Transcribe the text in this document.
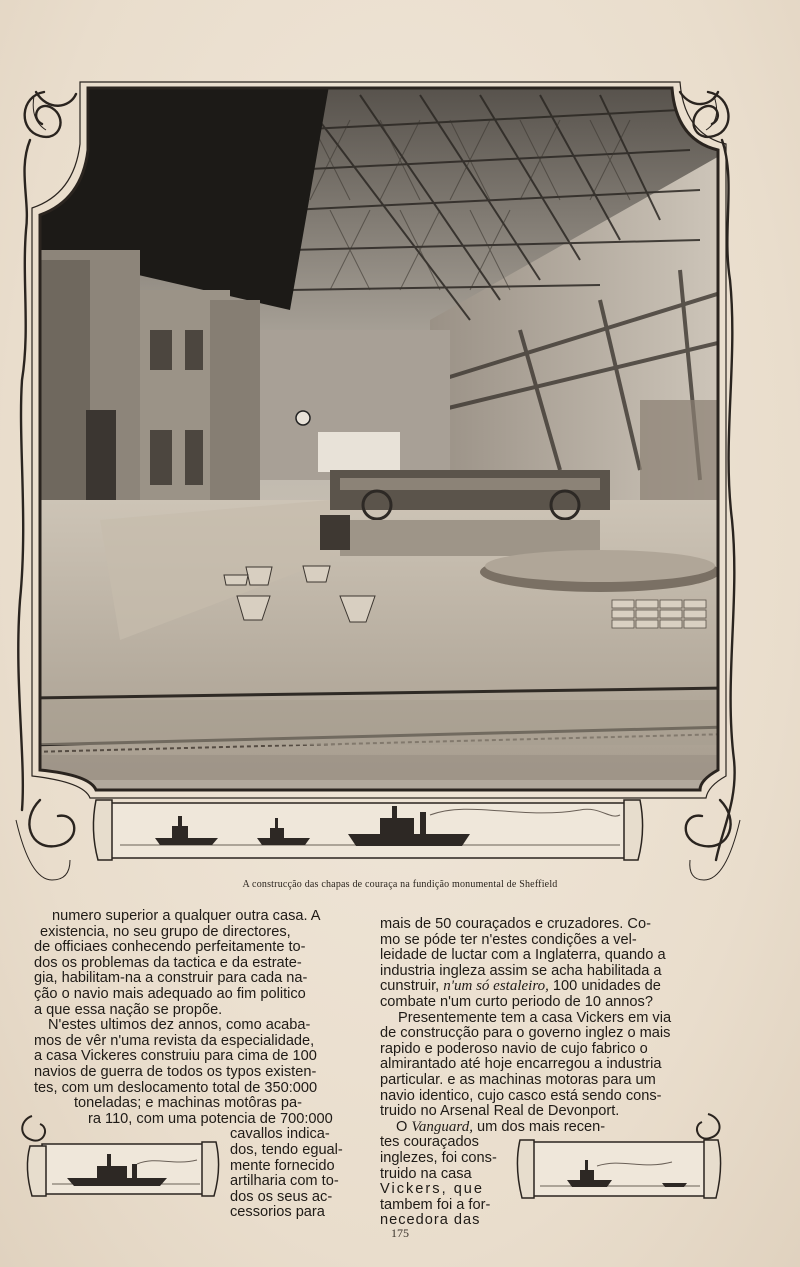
A construcção das chapas de couraça na fundição monumental de Sheffield
numero superior a qualquer outra casa. A
existencia, no seu grupo de directores,
de officiaes conhecendo perfeitamente to-
dos os problemas da tactica e da estrate-
gia, habilitam-na a construir para cada na-
ção o navio mais adequado ao fim politico
a que essa nação se propõe.
N'estes ultimos dez annos, como acaba-
mos de vêr n'uma revista da especialidade,
a casa Vickeres construiu para cima de 100
navios de guerra de todos os typos existen-
tes, com um deslocamento total de 350:000
toneladas; e machinas motôras pa-
ra 110, com uma potencia de 700:000
cavallos indica-
dos, tendo egual-
mente fornecido
artilharia com to-
dos os seus ac-
cessorios para
mais de 50 couraçados e cruzadores. Co-
mo se póde ter n'estes condições a vel-
leidade de luctar com a Inglaterra, quando a
industria ingleza assim se acha habilitada a
cunstruir, n'um só estaleiro, 100 unidades de
combate n'um curto periodo de 10 annos?
Presentemente tem a casa Vickers em via
de construcção para o governo inglez o mais
rapido e poderoso navio de cujo fabrico o
almirantado até hoje encarregou a industria
particular. e as machinas motoras para um
navio identico, cujo casco está sendo cons-
truido no Arsenal Real de Devonport.
O Vanguard, um dos mais recen-
tes couraçados
inglezes, foi cons-
truido na casa
Vickers, que
tambem foi a for-
necedora das
175
